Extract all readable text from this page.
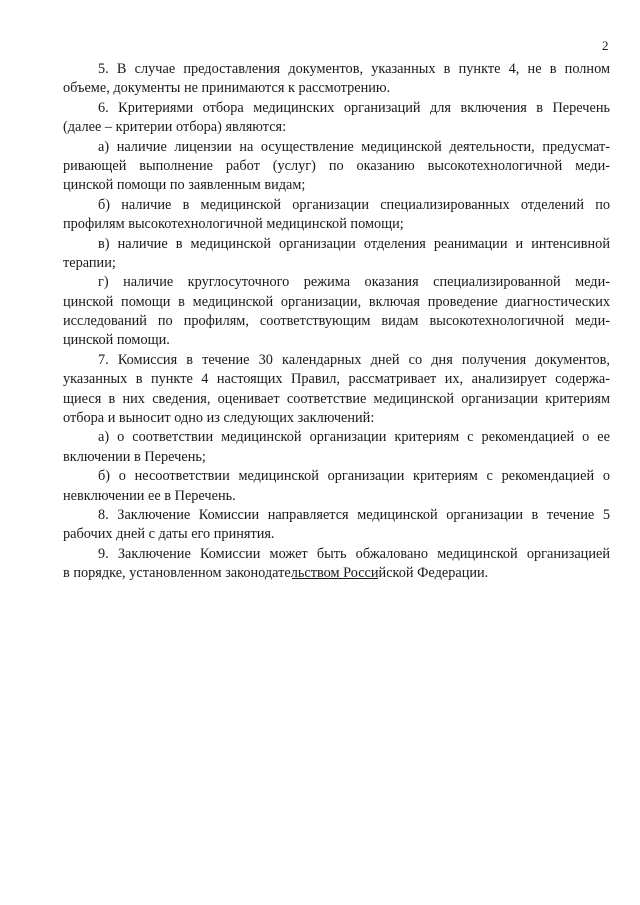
2
5. В случае предоставления документов, указанных в пункте 4, не в полном
объеме, документы не принимаются к рассмотрению.
6. Критериями отбора медицинских организаций для включения в Перечень
(далее – критерии отбора) являются:
а) наличие лицензии на осуществление медицинской деятельности, предусмат-
ривающей выполнение работ (услуг) по оказанию высокотехнологичной меди-
цинской помощи по заявленным видам;
б) наличие в медицинской организации специализированных отделений по
профилям высокотехнологичной медицинской помощи;
в) наличие в медицинской организации отделения реанимации и интенсивной
терапии;
г) наличие круглосуточного режима оказания специализированной меди-
цинской помощи в медицинской организации, включая проведение диагностических
исследований по профилям, соответствующим видам высокотехнологичной меди-
цинской помощи.
7. Комиссия в течение 30 календарных дней со дня получения документов,
указанных в пункте 4 настоящих Правил, рассматривает их, анализирует содержа-
щиеся в них сведения, оценивает соответствие медицинской организации критериям
отбора и выносит одно из следующих заключений:
а) о соответствии медицинской организации критериям с рекомендацией о ее
включении в Перечень;
б) о несоответствии медицинской организации критериям с рекомендацией о
невключении ее в Перечень.
8. Заключение Комиссии направляется медицинской организации в течение 5
рабочих дней с даты его принятия.
9. Заключение Комиссии может быть обжаловано медицинской организацией
в порядке, установленном законодательством Российской Федерации.
